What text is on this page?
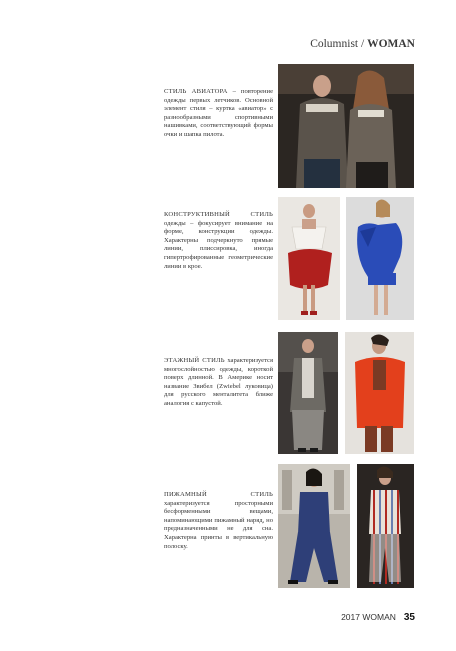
Columnist / WOMAN
СТИЛЬ АВИАТОРА – повторение одежды первых летчиков. Основной элемент стиля – куртка «авиатор» с разнообразными спортивными нашивками, соответствующий формы очки и шапка пилота.
КОНСТРУКТИВНЫЙ СТИЛЬ одежды – фокусирует внимание на форме, конструкции одежды. Характерны подчеркнуто прямые линии, плиссировка, иногда гипертрофированные геометрические линии в крое.
ЭТАЖНЫЙ СТИЛЬ характеризуется многослойностью одежды, короткой поверх длинной. В Америке носит название Звибел (Zwiebel луковица) для русского менталитета ближе аналогия с капустой.
ПИЖАМНЫЙ СТИЛЬ характеризуется просторными бесформенными вещами, напоминающими пижамный наряд, но предназначенными не для сна. Характерна принты в вертикальную полоску.
2017 WOMAN 35
